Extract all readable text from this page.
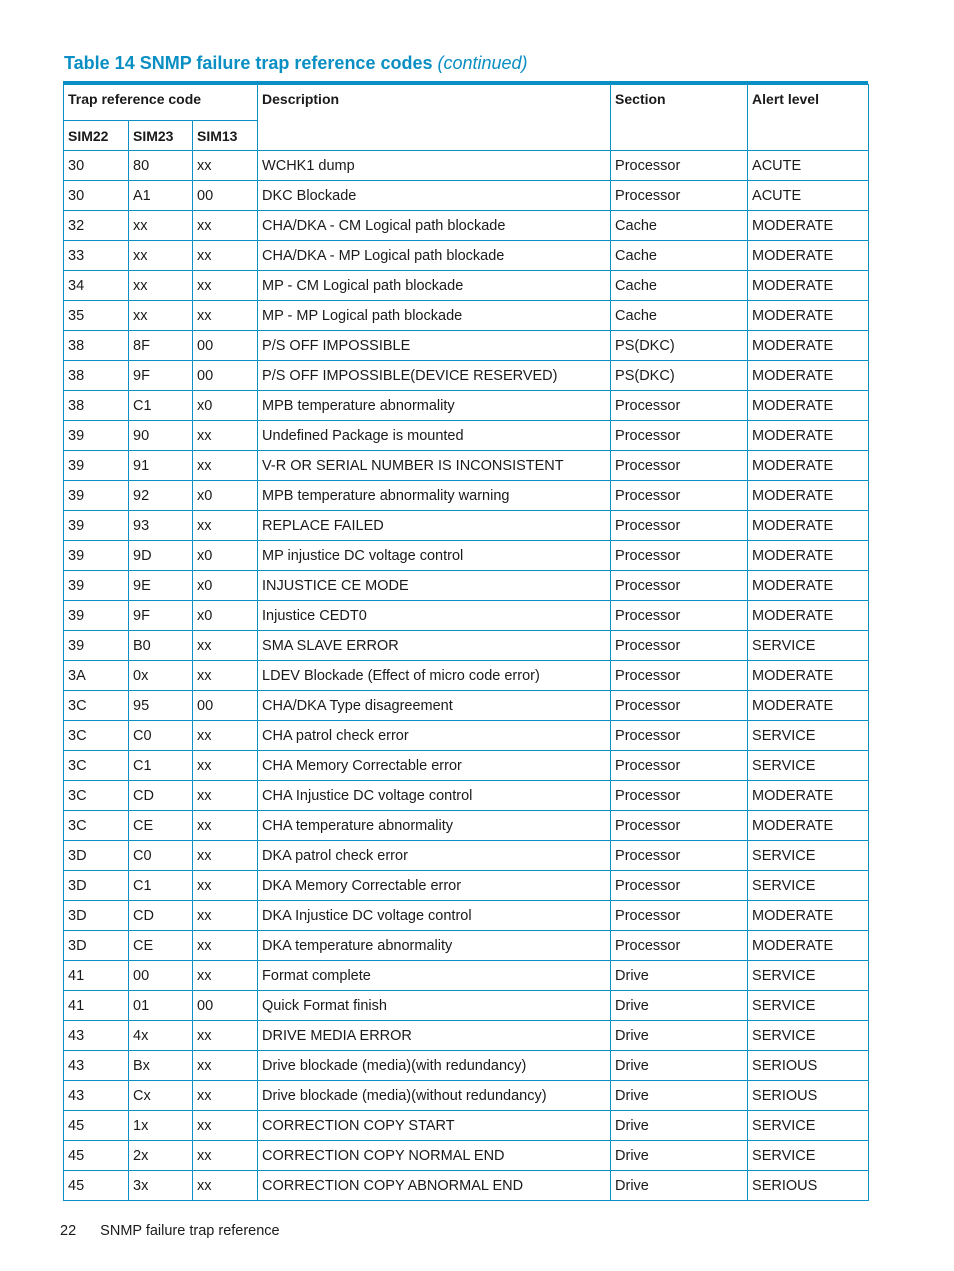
Table 14 SNMP failure trap reference codes (continued)
Trap reference code			Description	Section	Alert level
SIM22	SIM23	SIM13			
30	80	xx	WCHK1 dump	Processor	ACUTE
30	A1	00	DKC Blockade	Processor	ACUTE
32	xx	xx	CHA/DKA - CM Logical path blockade	Cache	MODERATE
33	xx	xx	CHA/DKA - MP Logical path blockade	Cache	MODERATE
34	xx	xx	MP - CM Logical path blockade	Cache	MODERATE
35	xx	xx	MP - MP Logical path blockade	Cache	MODERATE
38	8F	00	P/S OFF IMPOSSIBLE	PS(DKC)	MODERATE
38	9F	00	P/S OFF IMPOSSIBLE(DEVICE RESERVED)	PS(DKC)	MODERATE
38	C1	x0	MPB temperature abnormality	Processor	MODERATE
39	90	xx	Undefined Package is mounted	Processor	MODERATE
39	91	xx	V-R OR SERIAL NUMBER IS INCONSISTENT	Processor	MODERATE
39	92	x0	MPB temperature abnormality warning	Processor	MODERATE
39	93	xx	REPLACE FAILED	Processor	MODERATE
39	9D	x0	MP injustice DC voltage control	Processor	MODERATE
39	9E	x0	INJUSTICE CE MODE	Processor	MODERATE
39	9F	x0	Injustice CEDT0	Processor	MODERATE
39	B0	xx	SMA SLAVE ERROR	Processor	SERVICE
3A	0x	xx	LDEV Blockade (Effect of micro code error)	Processor	MODERATE
3C	95	00	CHA/DKA Type disagreement	Processor	MODERATE
3C	C0	xx	CHA patrol check error	Processor	SERVICE
3C	C1	xx	CHA Memory Correctable error	Processor	SERVICE
3C	CD	xx	CHA Injustice DC voltage control	Processor	MODERATE
3C	CE	xx	CHA temperature abnormality	Processor	MODERATE
3D	C0	xx	DKA patrol check error	Processor	SERVICE
3D	C1	xx	DKA Memory Correctable error	Processor	SERVICE
3D	CD	xx	DKA Injustice DC voltage control	Processor	MODERATE
3D	CE	xx	DKA temperature abnormality	Processor	MODERATE
41	00	xx	Format complete	Drive	SERVICE
41	01	00	Quick Format finish	Drive	SERVICE
43	4x	xx	DRIVE MEDIA ERROR	Drive	SERVICE
43	Bx	xx	Drive blockade (media)(with redundancy)	Drive	SERIOUS
43	Cx	xx	Drive blockade (media)(without redundancy)	Drive	SERIOUS
45	1x	xx	CORRECTION COPY START	Drive	SERVICE
45	2x	xx	CORRECTION COPY NORMAL END	Drive	SERVICE
45	3x	xx	CORRECTION COPY ABNORMAL END	Drive	SERIOUS
22 SNMP failure trap reference
